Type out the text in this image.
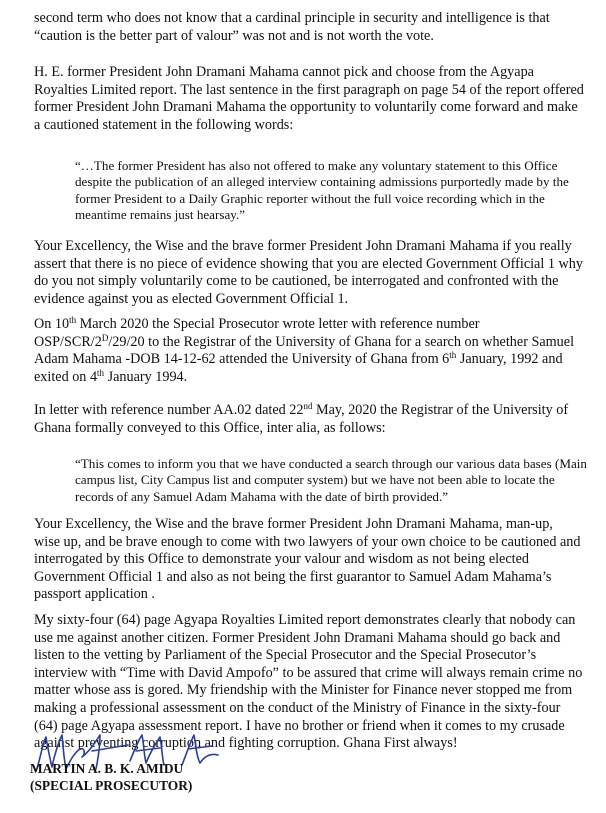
second term who does not know that a cardinal principle in security and intelligence is that
“caution is the better part of valour” was not and is not worth the vote.

H. E. former President John Dramani Mahama cannot pick and choose from the Agyapa
Royalties Limited report. The last sentence in the first paragraph on page 54 of the report offered
former President John Dramani Mahama the opportunity to voluntarily come forward and make
a cautioned statement in the following words:

“…The former President has also not offered to make any voluntary statement to this Office
despite the publication of an alleged interview containing admissions purportedly made by the
former President to a Daily Graphic reporter without the full voice recording which in the
meantime remains just hearsay.”

Your Excellency, the Wise and the brave former President John Dramani Mahama if you really
assert that there is no piece of evidence showing that you are elected Government Official 1 why
do you not simply voluntarily come to be cautioned, be interrogated and confronted with the
evidence against you as elected Government Official 1.

On 10th March 2020 the Special Prosecutor wrote letter with reference number
OSP/$SCR/2^D/29/20$ to the Registrar of the University of Ghana for a search on whether Samuel
Adam Mahama -DOB 14-12-62 attended the University of Ghana from 6th January, 1992 and
exited on 4th January 1994.

In letter with reference number AA.02 dated 22nd May, 2020 the Registrar of the University of
Ghana formally conveyed to this Office, inter alia, as follows:

“This comes to inform you that we have conducted a search through our various data bases (Main
campus list, City Campus list and computer system) but we have not been able to locate the
records of any Samuel Adam Mahama with the date of birth provided.”

Your Excellency, the Wise and the brave former President John Dramani Mahama, man-up,
wise up, and be brave enough to come with two lawyers of your own choice to be cautioned and
interrogated by this Office to demonstrate your valour and wisdom as not being elected
Government Official 1 and also as not being the first guarantor to Samuel Adam Mahama’s
passport application .

My sixty-four (64) page Agyapa Royalties Limited report demonstrates clearly that nobody can
use me against another citizen. Former President John Dramani Mahama should go back and
listen to the vetting by Parliament of the Special Prosecutor and the Special Prosecutor’s
interview with “Time with David Ampofo” to be assured that crime will always remain crime no
matter whose ass is gored. My friendship with the Minister for Finance never stopped me from
making a professional assessment on the conduct of the Ministry of Finance in the sixty-four
(64) page Agyapa assessment report. I have no brother or friend when it comes to my crusade
against preventing corruption and fighting corruption. Ghana First always!

MARTIN A. B. K. AMIDU
(SPECIAL PROSECUTOR)
